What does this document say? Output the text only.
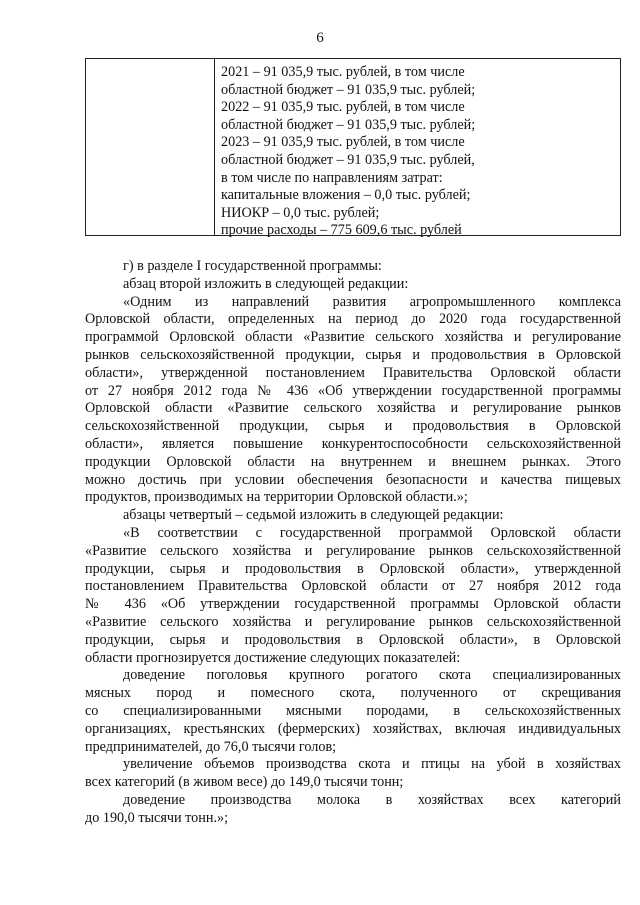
6
2021 – 91 035,9 тыс. рублей, в том числе
областной бюджет – 91 035,9 тыс. рублей;
2022 – 91 035,9 тыс. рублей, в том числе
областной бюджет – 91 035,9 тыс. рублей;
2023 – 91 035,9 тыс. рублей, в том числе
областной бюджет – 91 035,9 тыс. рублей,
в том числе по направлениям затрат:
капитальные вложения – 0,0 тыс. рублей;
НИОКР – 0,0 тыс. рублей;
прочие расходы – 775 609,6 тыс. рублей
г) в разделе I государственной программы:
абзац второй изложить в следующей редакции:
«Одним из направлений развития агропромышленного комплекса
Орловской области, определенных на период до 2020 года государственной
программой Орловской области «Развитие сельского хозяйства и регулирование
рынков сельскохозяйственной продукции, сырья и продовольствия в Орловской
области», утвержденной постановлением Правительства Орловской области
от 27 ноября 2012 года № 436 «Об утверждении государственной программы
Орловской области «Развитие сельского хозяйства и регулирование рынков
сельскохозяйственной продукции, сырья и продовольствия в Орловской
области», является повышение конкурентоспособности сельскохозяйственной
продукции Орловской области на внутреннем и внешнем рынках. Этого
можно достичь при условии обеспечения безопасности и качества пищевых
продуктов, производимых на территории Орловской области.»;
абзацы четвертый – седьмой изложить в следующей редакции:
«В соответствии с государственной программой Орловской области
«Развитие сельского хозяйства и регулирование рынков сельскохозяйственной
продукции, сырья и продовольствия в Орловской области», утвержденной
постановлением Правительства Орловской области от 27 ноября 2012 года
№ 436 «Об утверждении государственной программы Орловской области
«Развитие сельского хозяйства и регулирование рынков сельскохозяйственной
продукции, сырья и продовольствия в Орловской области», в Орловской
области прогнозируется достижение следующих показателей:
доведение поголовья крупного рогатого скота специализированных
мясных пород и помесного скота, полученного от скрещивания
со специализированными мясными породами, в сельскохозяйственных
организациях, крестьянских (фермерских) хозяйствах, включая индивидуальных
предпринимателей, до 76,0 тысячи голов;
увеличение объемов производства скота и птицы на убой в хозяйствах
всех категорий (в живом весе) до 149,0 тысячи тонн;
доведение производства молока в хозяйствах всех категорий
до 190,0 тысячи тонн.»;
